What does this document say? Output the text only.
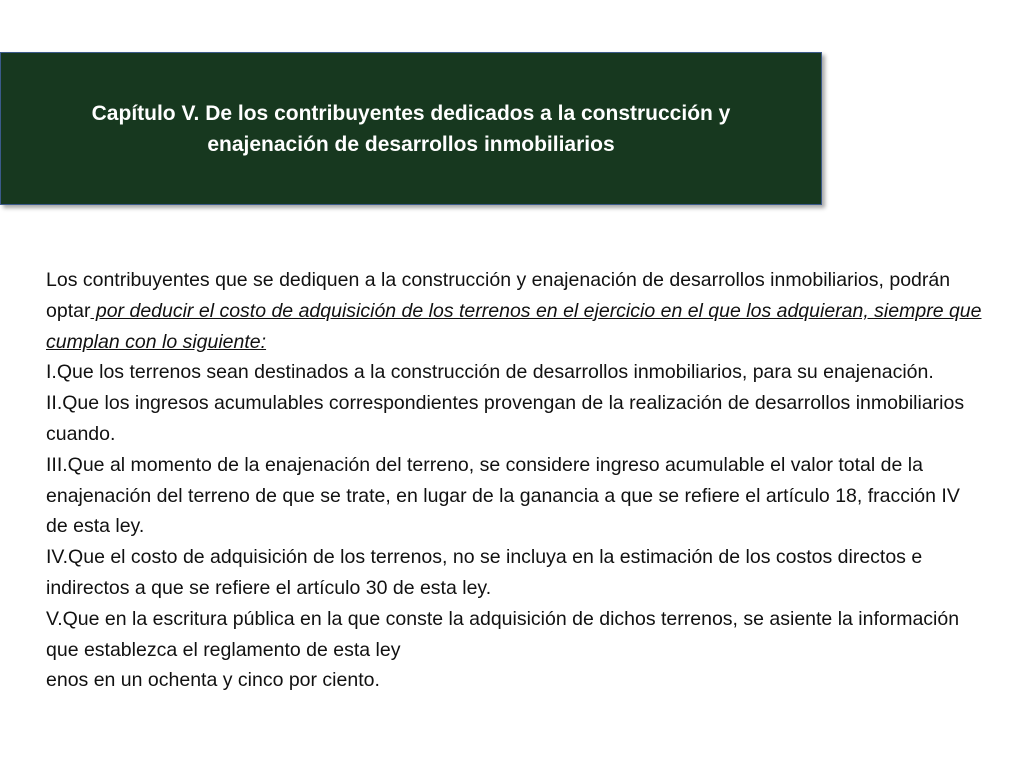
Capítulo V. De los contribuyentes dedicados a la construcción y enajenación de desarrollos inmobiliarios

Los contribuyentes que se dediquen a la construcción y enajenación de desarrollos inmobiliarios, podrán optar por deducir el costo de adquisición de los terrenos en el ejercicio en el que los adquieran, siempre que cumplan con lo siguiente:

I.Que los terrenos sean destinados a la construcción de desarrollos inmobiliarios, para su enajenación.

II.Que los ingresos acumulables correspondientes provengan de la realización de desarrollos inmobiliarios cuando.

III.Que al momento de la enajenación del terreno, se considere ingreso acumulable el valor total de la enajenación del terreno de que se trate, en lugar de la ganancia a que se refiere el artículo 18, fracción IV de esta ley.

IV.Que el costo de adquisición de los terrenos, no se incluya en la estimación de los costos directos e indirectos a que se refiere el artículo 30 de esta ley.

V.Que en la escritura pública en la que conste la adquisición de dichos terrenos, se asiente la información que establezca el reglamento de esta ley

enos en un ochenta y cinco por ciento.
